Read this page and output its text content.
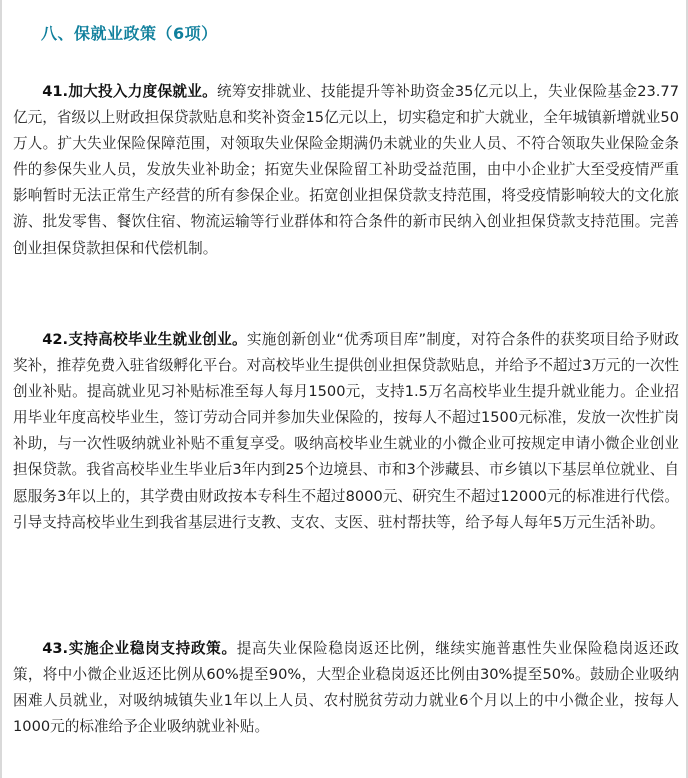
八、保就业政策（6项）

41.加大投入力度保就业。统筹安排就业、技能提升等补助资金35亿元以上，失业保险基金23.77亿元，省级以上财政担保贷款贴息和奖补资金15亿元以上，切实稳定和扩大就业，全年城镇新增就业50万人。扩大失业保险保障范围，对领取失业保险金期满仍未就业的失业人员、不符合领取失业保险金条件的参保失业人员，发放失业补助金；拓宽失业保险留工补助受益范围，由中小企业扩大至受疫情严重影响暂时无法正常生产经营的所有参保企业。拓宽创业担保贷款支持范围，将受疫情影响较大的文化旅游、批发零售、餐饮住宿、物流运输等行业群体和符合条件的新市民纳入创业担保贷款支持范围。完善创业担保贷款担保和代偿机制。

42.支持高校毕业生就业创业。实施创新创业“优秀项目库”制度，对符合条件的获奖项目给予财政奖补，推荐免费入驻省级孵化平台。对高校毕业生提供创业担保贷款贴息，并给予不超过3万元的一次性创业补贴。提高就业见习补贴标准至每人每月1500元，支持1.5万名高校毕业生提升就业能力。企业招用毕业年度高校毕业生，签订劳动合同并参加失业保险的，按每人不超过1500元标准，发放一次性扩岗补助，与一次性吸纳就业补贴不重复享受。吸纳高校毕业生就业的小微企业可按规定申请小微企业创业担保贷款。我省高校毕业生毕业后3年内到25个边境县、市和3个涉藏县、市乡镇以下基层单位就业、自愿服务3年以上的，其学费由财政按本专科生不超过8000元、研究生不超过12000元的标准进行代偿。引导支持高校毕业生到我省基层进行支教、支农、支医、驻村帮扶等，给予每人每年5万元生活补助。

43.实施企业稳岗支持政策。提高失业保险稳岗返还比例，继续实施普惠性失业保险稳岗返还政策，将中小微企业返还比例从60%提至90%，大型企业稳岗返还比例由30%提至50%。鼓励企业吸纳困难人员就业，对吸纳城镇失业1年以上人员、农村脱贫劳动力就业6个月以上的中小微企业，按每人1000元的标准给予企业吸纳就业补贴。
